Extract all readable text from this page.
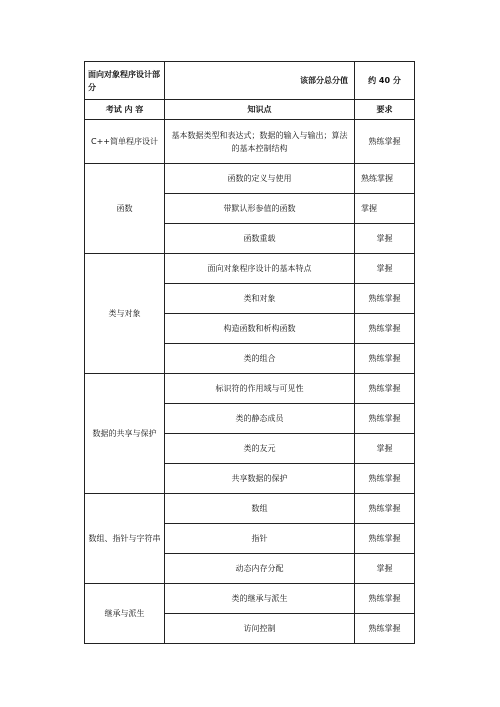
面向对象程序设计部分	该部分总分值	约 40 分
考试 内 容	知识点	要求
C++简单程序设计	基本数据类型和表达式；数据的输入与输出；算法的基本控制结构	熟练掌握
函数	函数的定义与使用	熟练掌握
	带默认形参值的函数	掌握
	函数重载	掌握
类与对象	面向对象程序设计的基本特点	掌握
	类和对象	熟练掌握
	构造函数和析构函数	熟练掌握
	类的组合	熟练掌握
数据的共享与保护	标识符的作用域与可见性	熟练掌握
	类的静态成员	熟练掌握
	类的友元	掌握
	共享数据的保护	熟练掌握
数组、指针与字符串	数组	熟练掌握
	指针	熟练掌握
	动态内存分配	掌握
继承与派生	类的继承与派生	熟练掌握
	访问控制	熟练掌握
